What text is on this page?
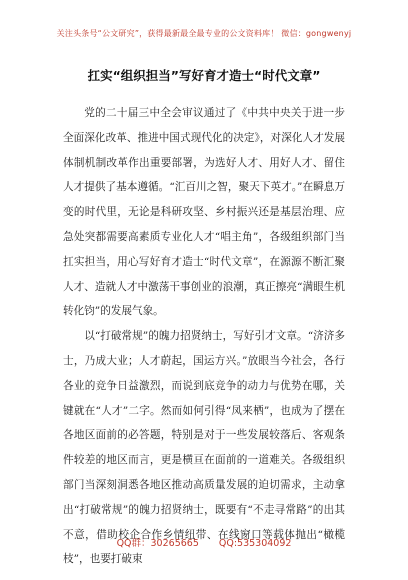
关注头条号“公文研究”，获得最新最全最专业的公文资料库！ 微信：gongwenyj
扛实“组织担当”写好育才造士“时代文章”

党的二十届三中全会审议通过了《中共中央关于进一步全面深化改革、推进中国式现代化的决定》，对深化人才发展体制机制改革作出重要部署，为选好人才、用好人才、留住人才提供了基本遵循。“汇百川之智，聚天下英才。”在瞬息万变的时代里，无论是科研攻坚、乡村振兴还是基层治理、应急处突都需要高素质专业化人才“唱主角”，各级组织部门当扛实担当，用心写好育才造士“时代文章”，在源源不断汇聚人才、造就人才中激荡干事创业的浪潮，真正擦亮“满眼生机转化钧”的发展气象。

以“打破常规”的魄力招贤纳士，写好引才文章。“济济多士，乃成大业；人才蔚起，国运方兴。”放眼当今社会，各行各业的竞争日益激烈，而说到底竞争的动力与优势在哪，关键就在“人才”二字。然而如何引得“凤来栖”，也成为了摆在各地区面前的必答题，特别是对于一些发展较落后、客观条件较差的地区而言，更是横亘在面前的一道难关。各级组织部门当深刻洞悉各地区推动高质量发展的迫切需求，主动拿出“打破常规”的魄力招贤纳士，既要有“不走寻常路”的出其不意，借助校企合作乡情纽带、在线窗口等载体抛出“橄榄枝”，也要打破束

QQ群：30265665 QQ:535304092
